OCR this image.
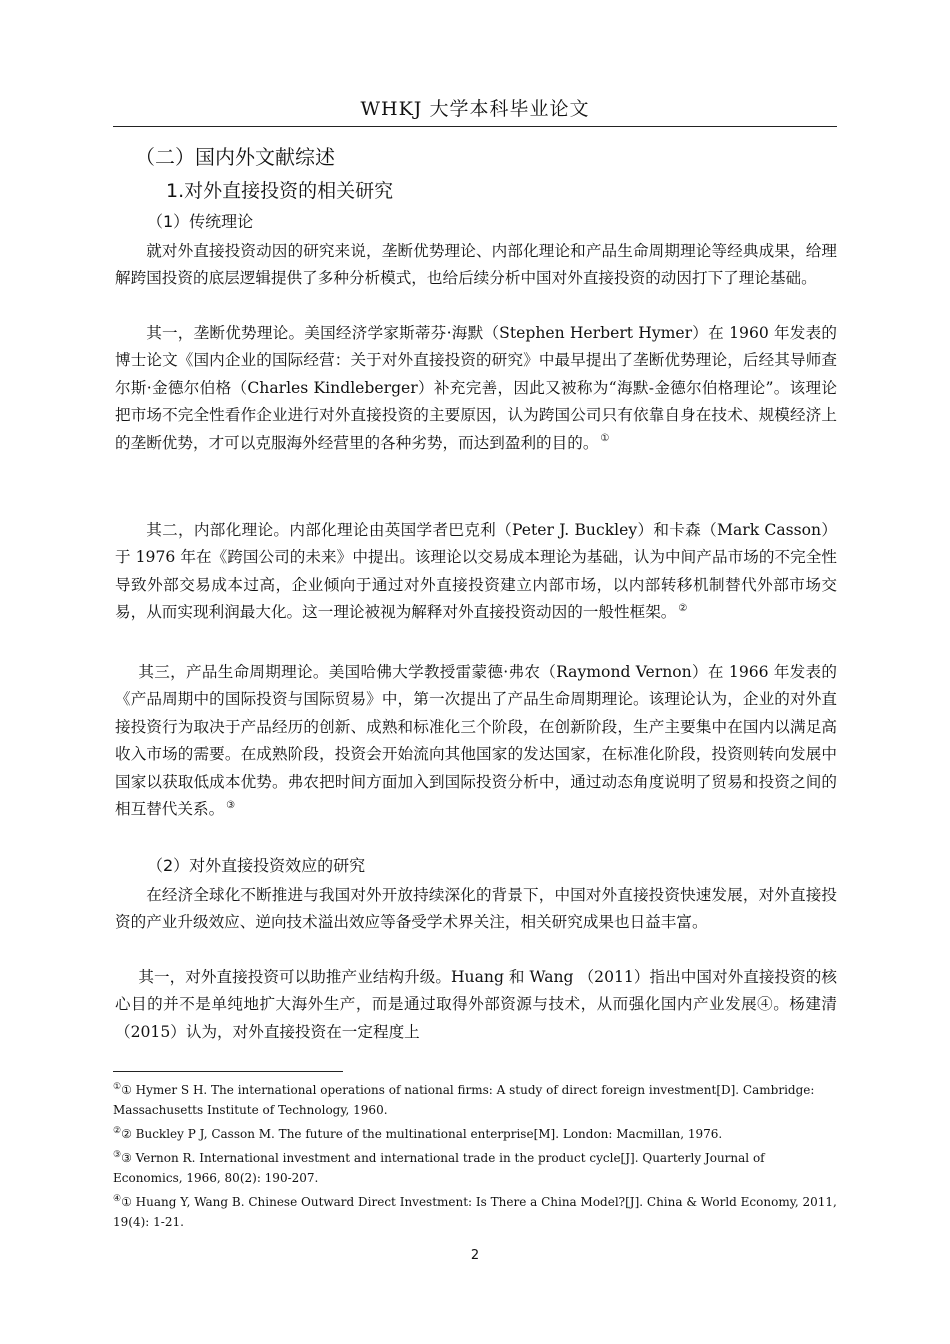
WHKJ 大学本科毕业论文
（二）国内外文献综述
1.对外直接投资的相关研究
（1）传统理论

就对外直接投资动因的研究来说，垄断优势理论、内部化理论和产品生命周期理论等经典成果，给理解跨国投资的底层逻辑提供了多种分析模式，也给后续分析中国对外直接投资的动因打下了理论基础。

其一，垄断优势理论。美国经济学家斯蒂芬·海默（Stephen Herbert Hymer）在 1960 年发表的博士论文《国内企业的国际经营：关于对外直接投资的研究》中最早提出了垄断优势理论，后经其导师查尔斯·金德尔伯格（Charles Kindleberger）补充完善，因此又被称为“海默-金德尔伯格理论”。该理论把市场不完全性看作企业进行对外直接投资的主要原因，认为跨国公司只有依靠自身在技术、规模经济上的垄断优势，才可以克服海外经营里的各种劣势，而达到盈利的目的。 ①

其二，内部化理论。内部化理论由英国学者巴克利（Peter J. Buckley）和卡森（Mark Casson）于 1976 年在《跨国公司的未来》中提出。该理论以交易成本理论为基础，认为中间产品市场的不完全性导致外部交易成本过高，企业倾向于通过对外直接投资建立内部市场，以内部转移机制替代外部市场交易，从而实现利润最大化。这一理论被视为解释对外直接投资动因的一般性框架。 ②

其三，产品生命周期理论。美国哈佛大学教授雷蒙德·弗农（Raymond Vernon）在 1966 年发表的《产品周期中的国际投资与国际贸易》中，第一次提出了产品生命周期理论。该理论认为，企业的对外直接投资行为取决于产品经历的创新、成熟和标准化三个阶段，在创新阶段，生产主要集中在国内以满足高收入市场的需要。在成熟阶段，投资会开始流向其他国家的发达国家，在标准化阶段，投资则转向发展中国家以获取低成本优势。弗农把时间方面加入到国际投资分析中，通过动态角度说明了贸易和投资之间的相互替代关系。 ③

（2）对外直接投资效应的研究

在经济全球化不断推进与我国对外开放持续深化的背景下，中国对外直接投资快速发展，对外直接投资的产业升级效应、逆向技术溢出效应等备受学术界关注，相关研究成果也日益丰富。

其一，对外直接投资可以助推产业结构升级。Huang 和 Wang （2011）指出中国对外直接投资的核心目的并不是单纯地扩大海外生产，而是通过取得外部资源与技术，从而强化国内产业发展④。杨建清（2015）认为，对外直接投资在一定程度上

①① Hymer S H. The international operations of national firms: A study of direct foreign investment[D]. Cambridge: Massachusetts Institute of Technology, 1960.

②② Buckley P J, Casson M. The future of the multinational enterprise[M]. London: Macmillan, 1976.

③③ Vernon R. International investment and international trade in the product cycle[J]. Quarterly Journal of Economics, 1966, 80(2): 190-207.

④① Huang Y, Wang B. Chinese Outward Direct Investment: Is There a China Model?[J]. China & World Economy, 2011, 19(4): 1-21.

2
